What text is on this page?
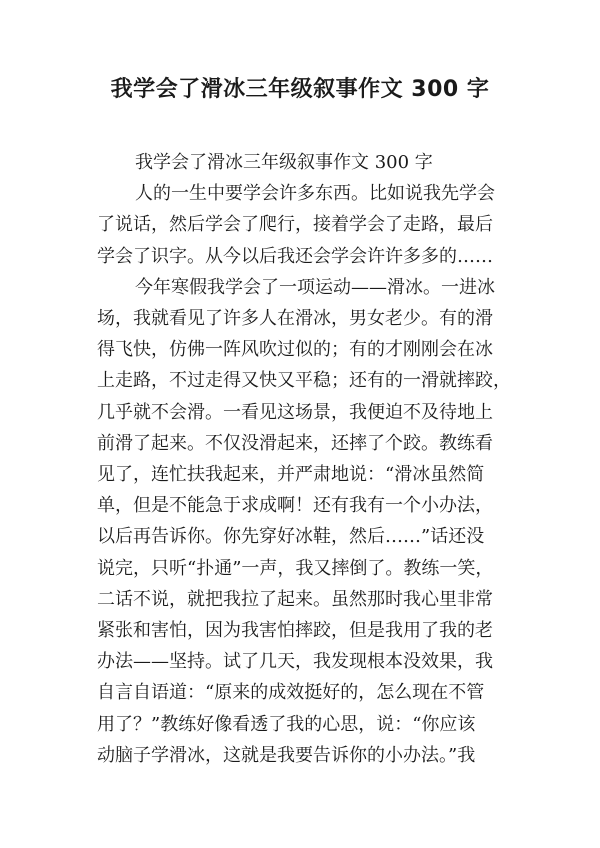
我学会了滑冰三年级叙事作文 300 字
我学会了滑冰三年级叙事作文 300 字
人的一生中要学会许多东西。比如说我先学会
了说话，然后学会了爬行，接着学会了走路，最后
学会了识字。从今以后我还会学会许许多多的……
今年寒假我学会了一项运动——滑冰。一进冰
场，我就看见了许多人在滑冰，男女老少。有的滑
得飞快，仿佛一阵风吹过似的；有的才刚刚会在冰
上走路，不过走得又快又平稳；还有的一滑就摔跤，
几乎就不会滑。一看见这场景，我便迫不及待地上
前滑了起来。不仅没滑起来，还摔了个跤。教练看
见了，连忙扶我起来，并严肃地说：“滑冰虽然简
单，但是不能急于求成啊！还有我有一个小办法，
以后再告诉你。你先穿好冰鞋，然后……”话还没
说完，只听“扑通”一声，我又摔倒了。教练一笑，
二话不说，就把我拉了起来。虽然那时我心里非常
紧张和害怕，因为我害怕摔跤，但是我用了我的老
办法——坚持。试了几天，我发现根本没效果，我
自言自语道：“原来的成效挺好的，怎么现在不管
用了？”教练好像看透了我的心思，说：“你应该
动脑子学滑冰，这就是我要告诉你的小办法。”我
